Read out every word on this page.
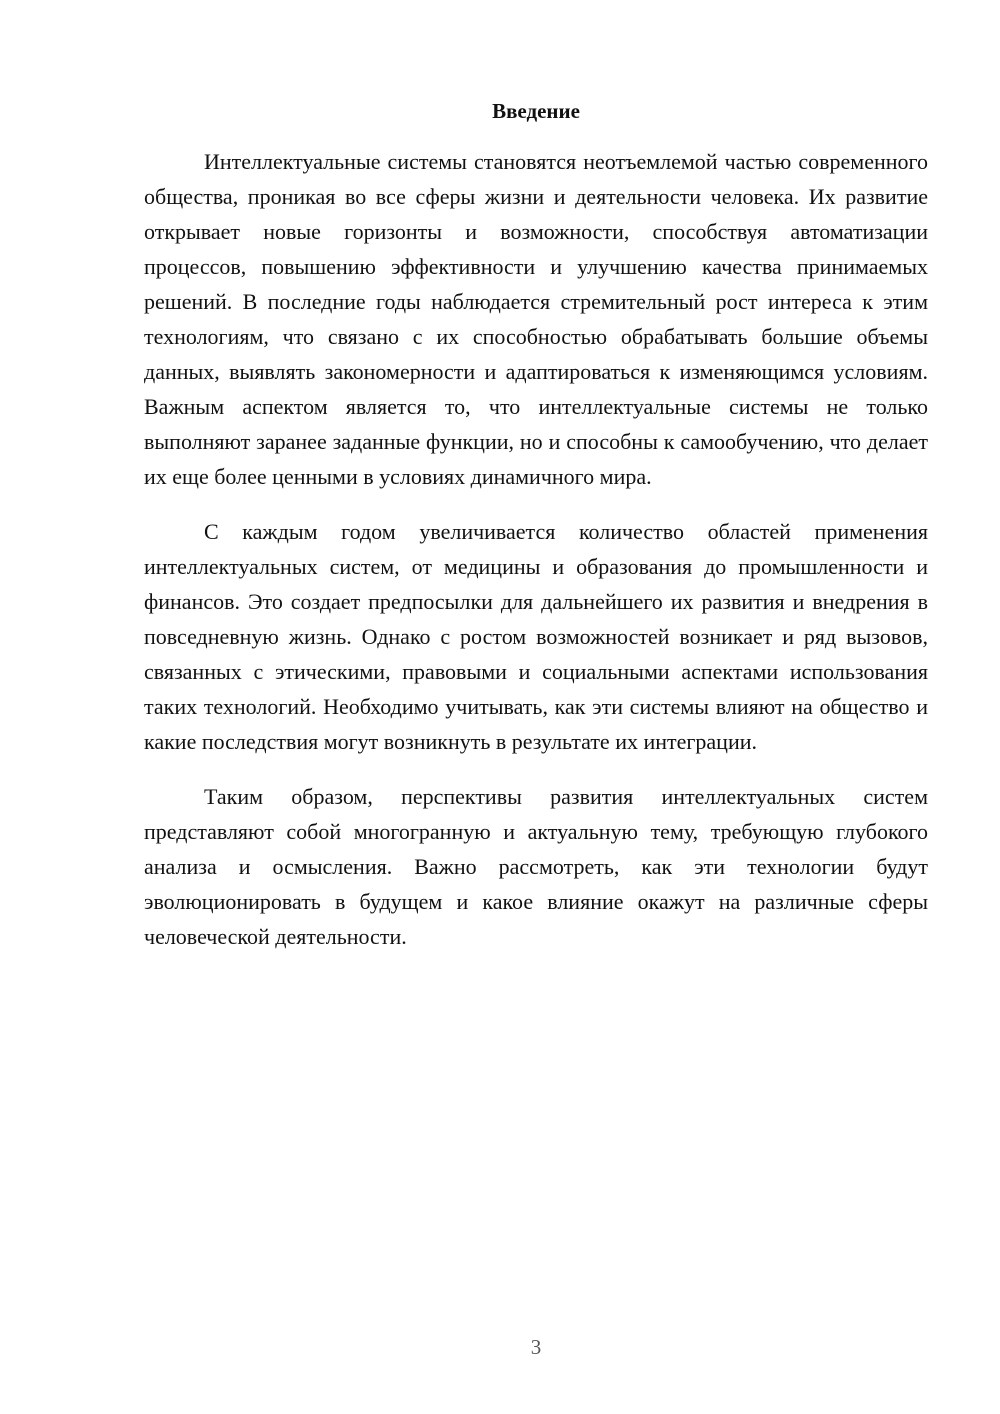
Введение

Интеллектуальные системы становятся неотъемлемой частью современного общества, проникая во все сферы жизни и деятельности человека. Их развитие открывает новые горизонты и возможности, способствуя автоматизации процессов, повышению эффективности и улучшению качества принимаемых решений. В последние годы наблюдается стремительный рост интереса к этим технологиям, что связано с их способностью обрабатывать большие объемы данных, выявлять закономерности и адаптироваться к изменяющимся условиям. Важным аспектом является то, что интеллектуальные системы не только выполняют заранее заданные функции, но и способны к самообучению, что делает их еще более ценными в условиях динамичного мира.

С каждым годом увеличивается количество областей применения интеллектуальных систем, от медицины и образования до промышленности и финансов. Это создает предпосылки для дальнейшего их развития и внедрения в повседневную жизнь. Однако с ростом возможностей возникает и ряд вызовов, связанных с этическими, правовыми и социальными аспектами использования таких технологий. Необходимо учитывать, как эти системы влияют на общество и какие последствия могут возникнуть в результате их интеграции.

Таким образом, перспективы развития интеллектуальных систем представляют собой многогранную и актуальную тему, требующую глубокого анализа и осмысления. Важно рассмотреть, как эти технологии будут эволюционировать в будущем и какое влияние окажут на различные сферы человеческой деятельности.

3
